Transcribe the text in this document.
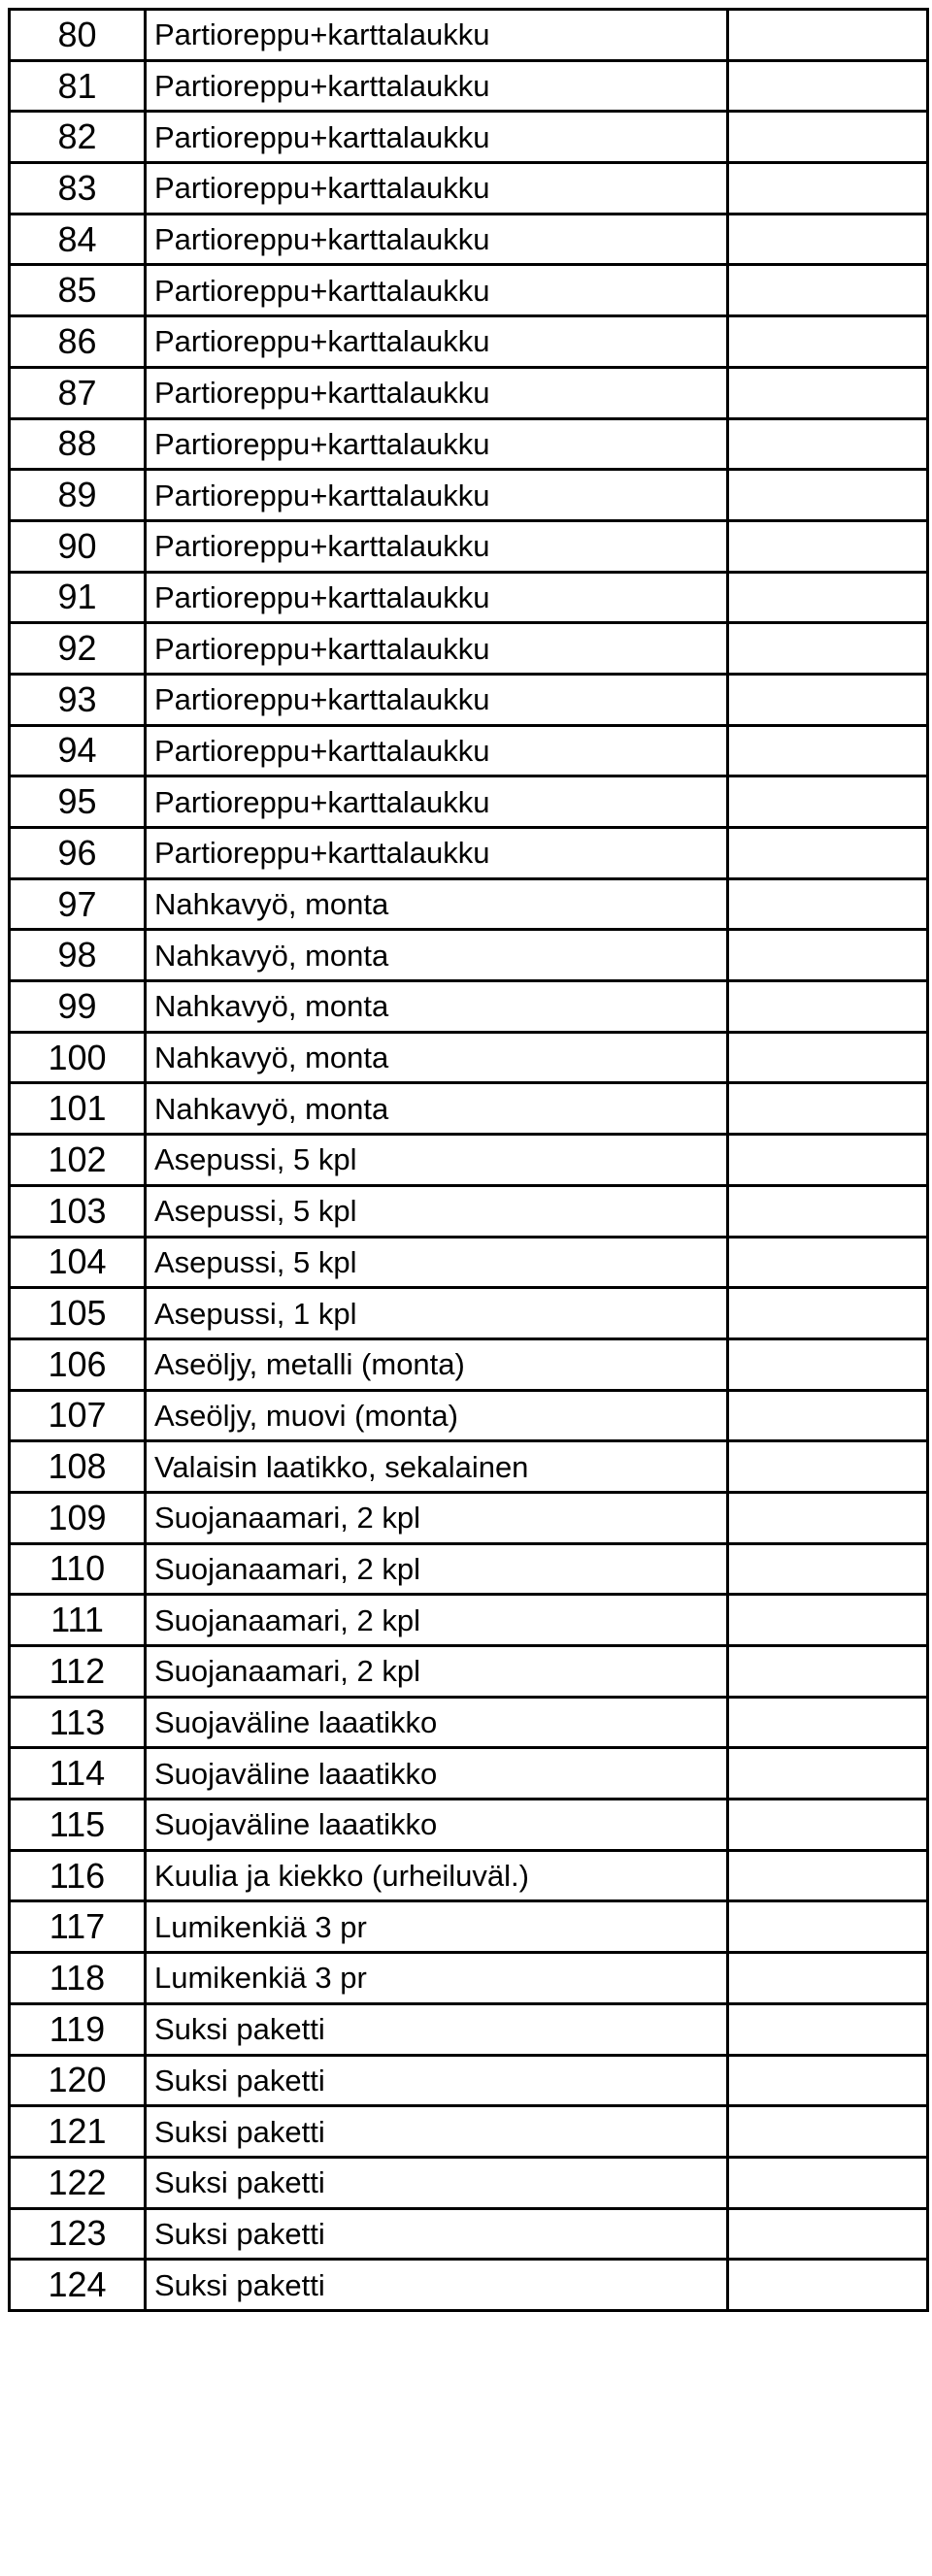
80	Partioreppu+karttalaukku	
81	Partioreppu+karttalaukku	
82	Partioreppu+karttalaukku	
83	Partioreppu+karttalaukku	
84	Partioreppu+karttalaukku	
85	Partioreppu+karttalaukku	
86	Partioreppu+karttalaukku	
87	Partioreppu+karttalaukku	
88	Partioreppu+karttalaukku	
89	Partioreppu+karttalaukku	
90	Partioreppu+karttalaukku	
91	Partioreppu+karttalaukku	
92	Partioreppu+karttalaukku	
93	Partioreppu+karttalaukku	
94	Partioreppu+karttalaukku	
95	Partioreppu+karttalaukku	
96	Partioreppu+karttalaukku	
97	Nahkavyö, monta	
98	Nahkavyö, monta	
99	Nahkavyö, monta	
100	Nahkavyö, monta	
101	Nahkavyö, monta	
102	Asepussi, 5 kpl	
103	Asepussi, 5 kpl	
104	Asepussi, 5 kpl	
105	Asepussi, 1 kpl	
106	Aseöljy, metalli (monta)	
107	Aseöljy, muovi (monta)	
108	Valaisin laatikko, sekalainen	
109	Suojanaamari, 2 kpl	
110	Suojanaamari, 2 kpl	
111	Suojanaamari, 2 kpl	
112	Suojanaamari, 2 kpl	
113	Suojaväline laaatikko	
114	Suojaväline laaatikko	
115	Suojaväline laaatikko	
116	Kuulia ja kiekko (urheiluväl.)	
117	Lumikenkiä 3 pr	
118	Lumikenkiä 3 pr	
119	Suksi paketti	
120	Suksi paketti	
121	Suksi paketti	
122	Suksi paketti	
123	Suksi paketti	
124	Suksi paketti	
